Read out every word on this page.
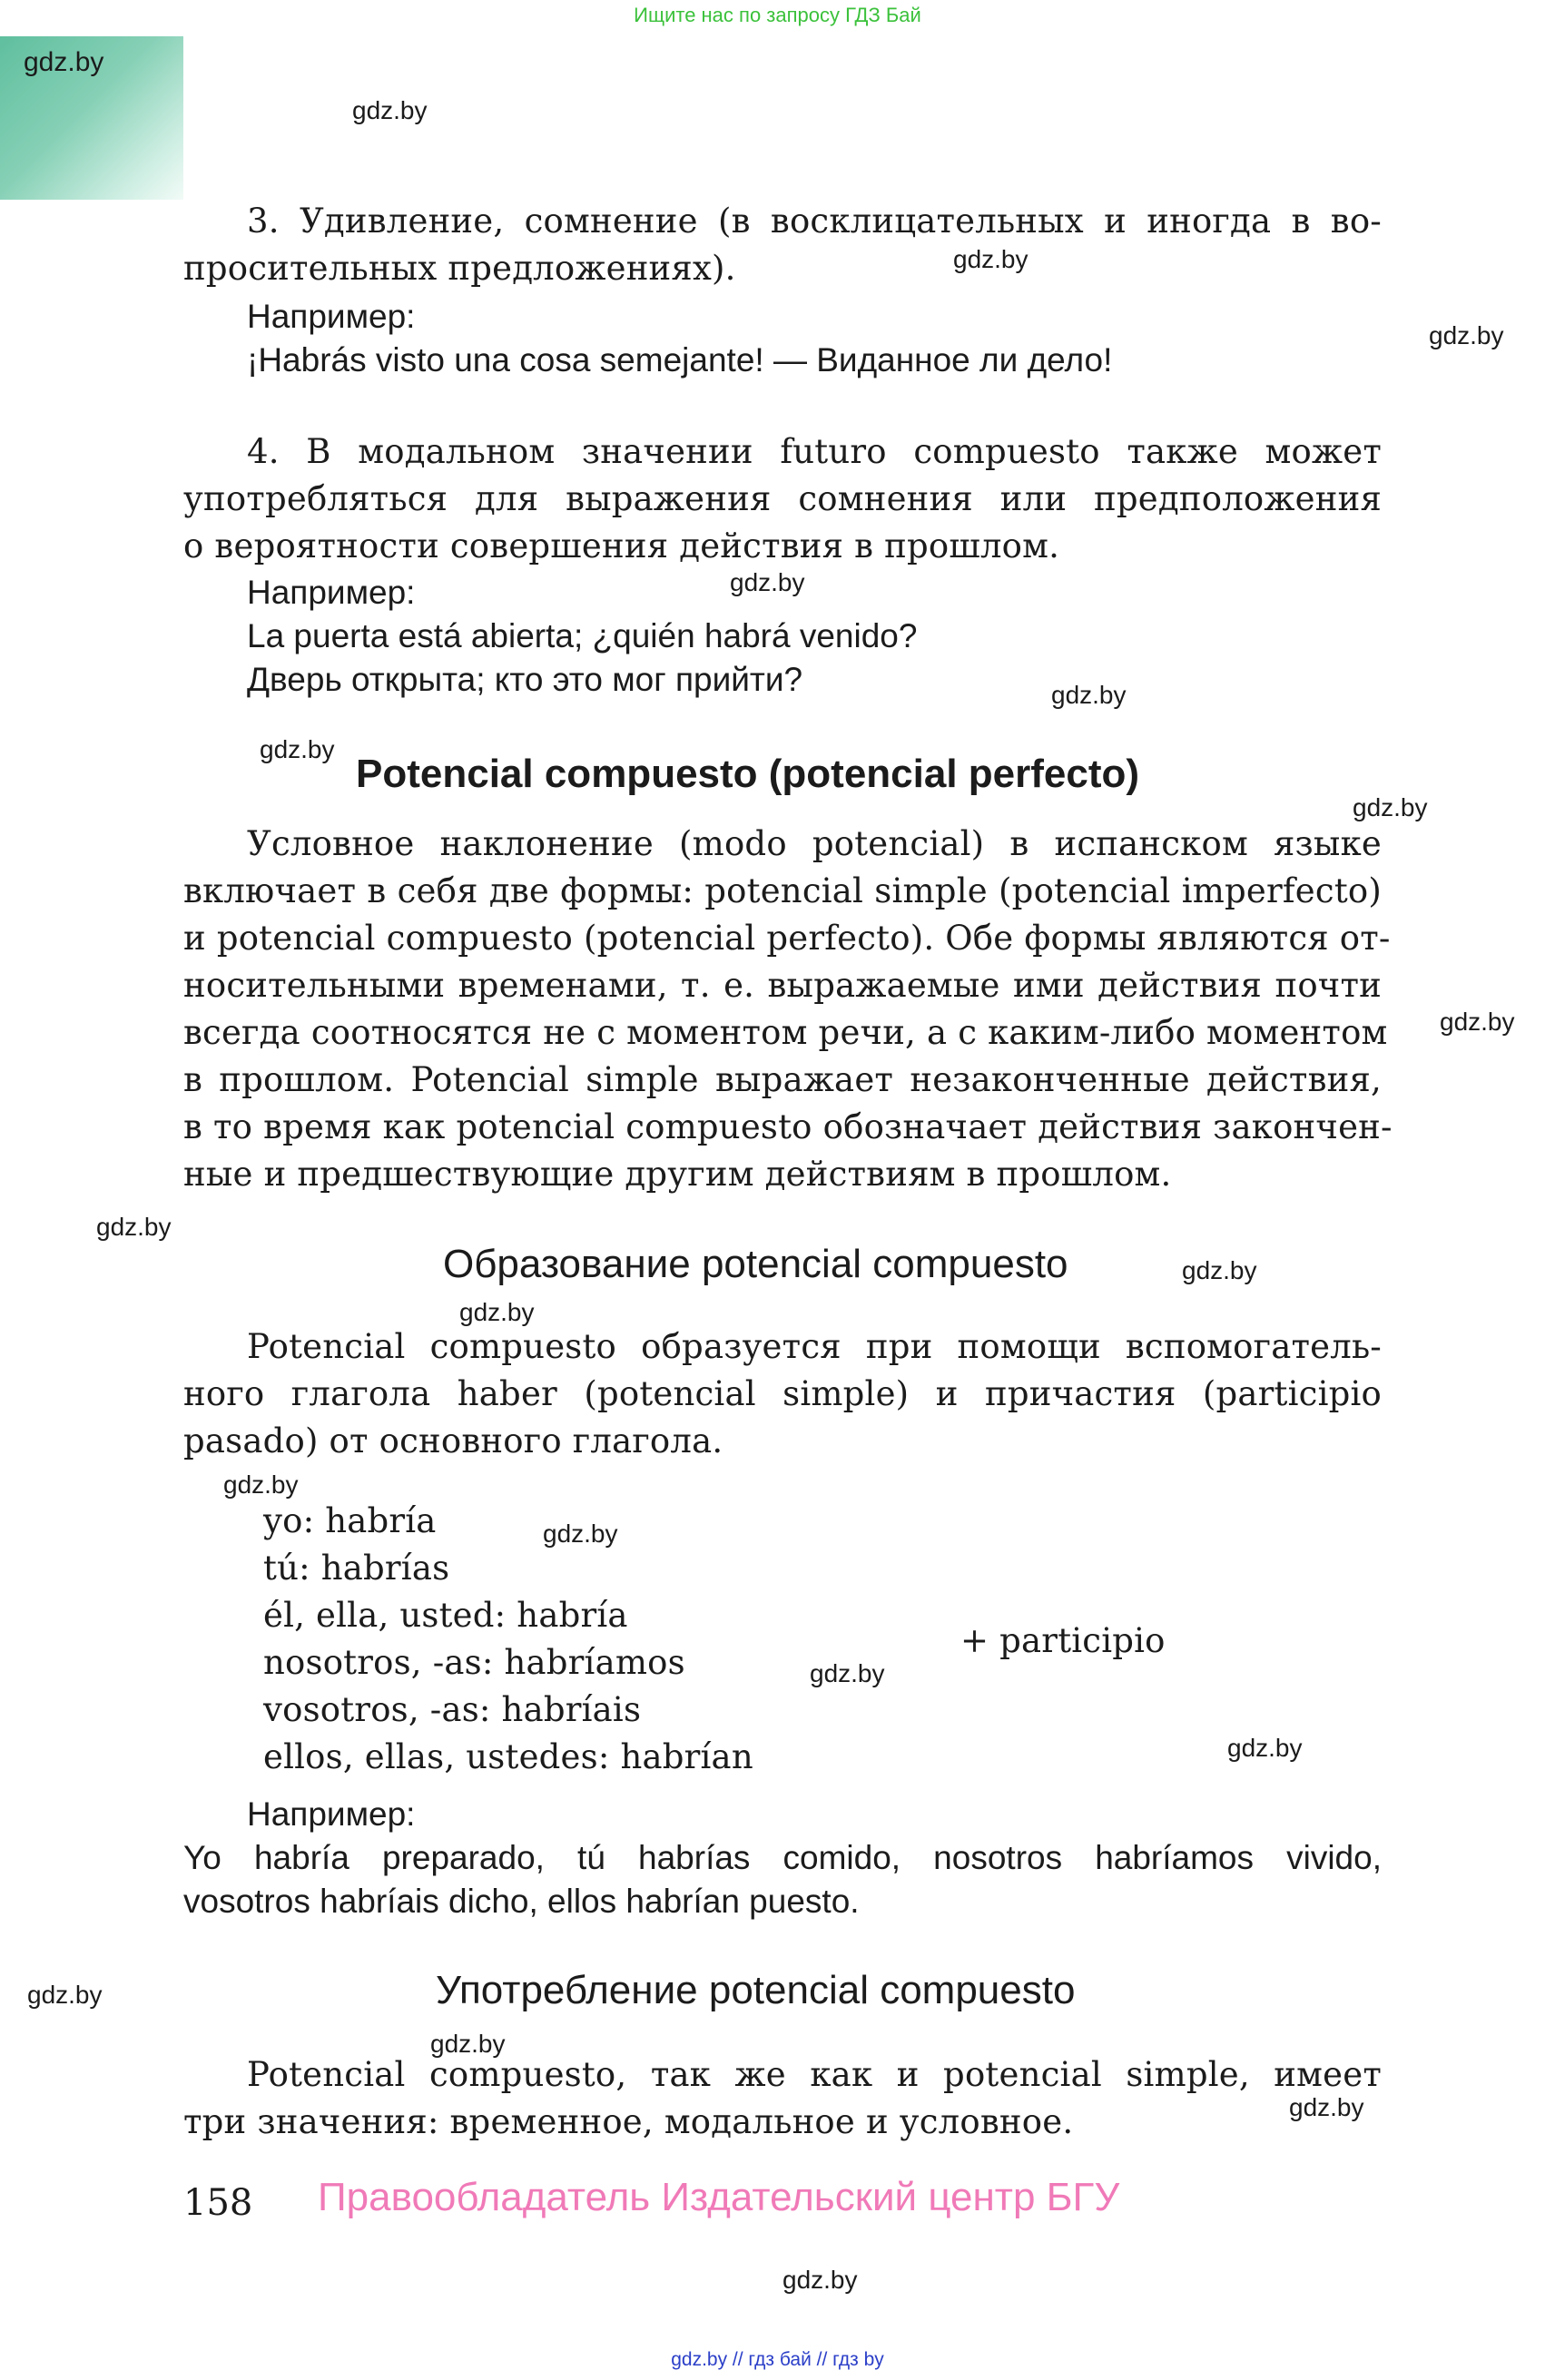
Ищите нас по запросу ГДЗ Бай
gdz.by
gdz.by
gdz.by
gdz.by
gdz.by
gdz.by
gdz.by
gdz.by
gdz.by
gdz.by
gdz.by
gdz.by
gdz.by
gdz.by
gdz.by
gdz.by
gdz.by
gdz.by
gdz.by
gdz.by
3. Удивление, сомнение (в восклицательных и иногда в во-
просительных предложениях).
Например:
¡Habrás visto una cosa semejante! — Виданное ли дело!
4. В модальном значении futuro compuesto также может
употребляться для выражения сомнения или предположения
о вероятности совершения действия в прошлом.
Например:
La puerta está abierta; ¿quién habrá venido?
Дверь открыта; кто это мог прийти?
Potencial compuesto (potencial perfecto)
Условное наклонение (modo potencial) в испанском языке
включает в себя две формы: potencial simple (potencial imperfecto)
и potencial compuesto (potencial perfecto). Обе формы являются от-
носительными временами, т. е. выражаемые ими действия почти
всегда соотносятся не с моментом речи, а с каким-либо моментом
в прошлом. Potencial simple выражает незаконченные действия,
в то время как potencial compuesto обозначает действия закончен-
ные и предшествующие другим действиям в прошлом.
Образование potencial compuesto
Potencial compuesto образуется при помощи вспомогатель-
ного глагола haber (potencial simple) и причастия (participio
pasado) от основного глагола.
yo: habría
tú: habrías
él, ella, usted: habría
nosotros, -as: habríamos
vosotros, -as: habríais
ellos, ellas, ustedes: habrían
+ participio
Например:
Yo habría preparado, tú habrías comido, nosotros habríamos vivido,
vosotros habríais dicho, ellos habrían puesto.
Употребление potencial compuesto
Potencial compuesto, так же как и potencial simple, имеет
три значения: временное, модальное и условное.
158 Правообладатель Издательский центр БГУ
gdz.by // гдз бай // гдз by
